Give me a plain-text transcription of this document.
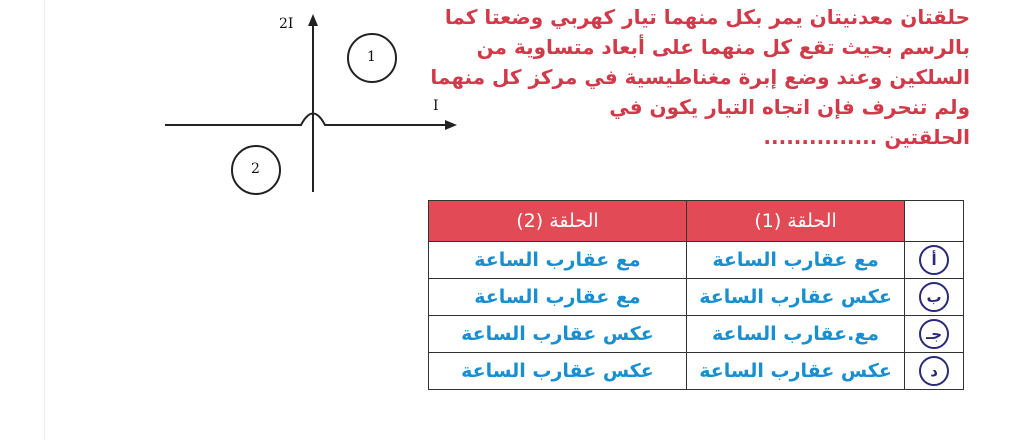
حلقتان معدنيتان يمر بكل منهما تيار كهربي وضعتا كما
بالرسم بحيث تقع كل منهما على أبعاد متساوية من
السلكين وعند وضع إبرة مغناطيسية في مركز كل منهما
ولم تنحرف فإن اتجاه التيار يكون في
الحلقتين ...............
2I
I
1
2
	الحلقة (1)	الحلقة (2)
أ	مع عقارب الساعة	مع عقارب الساعة
ب	عكس عقارب الساعة	مع عقارب الساعة
جـ	مع.عقارب الساعة	عكس عقارب الساعة
د	عكس عقارب الساعة	عكس عقارب الساعة
